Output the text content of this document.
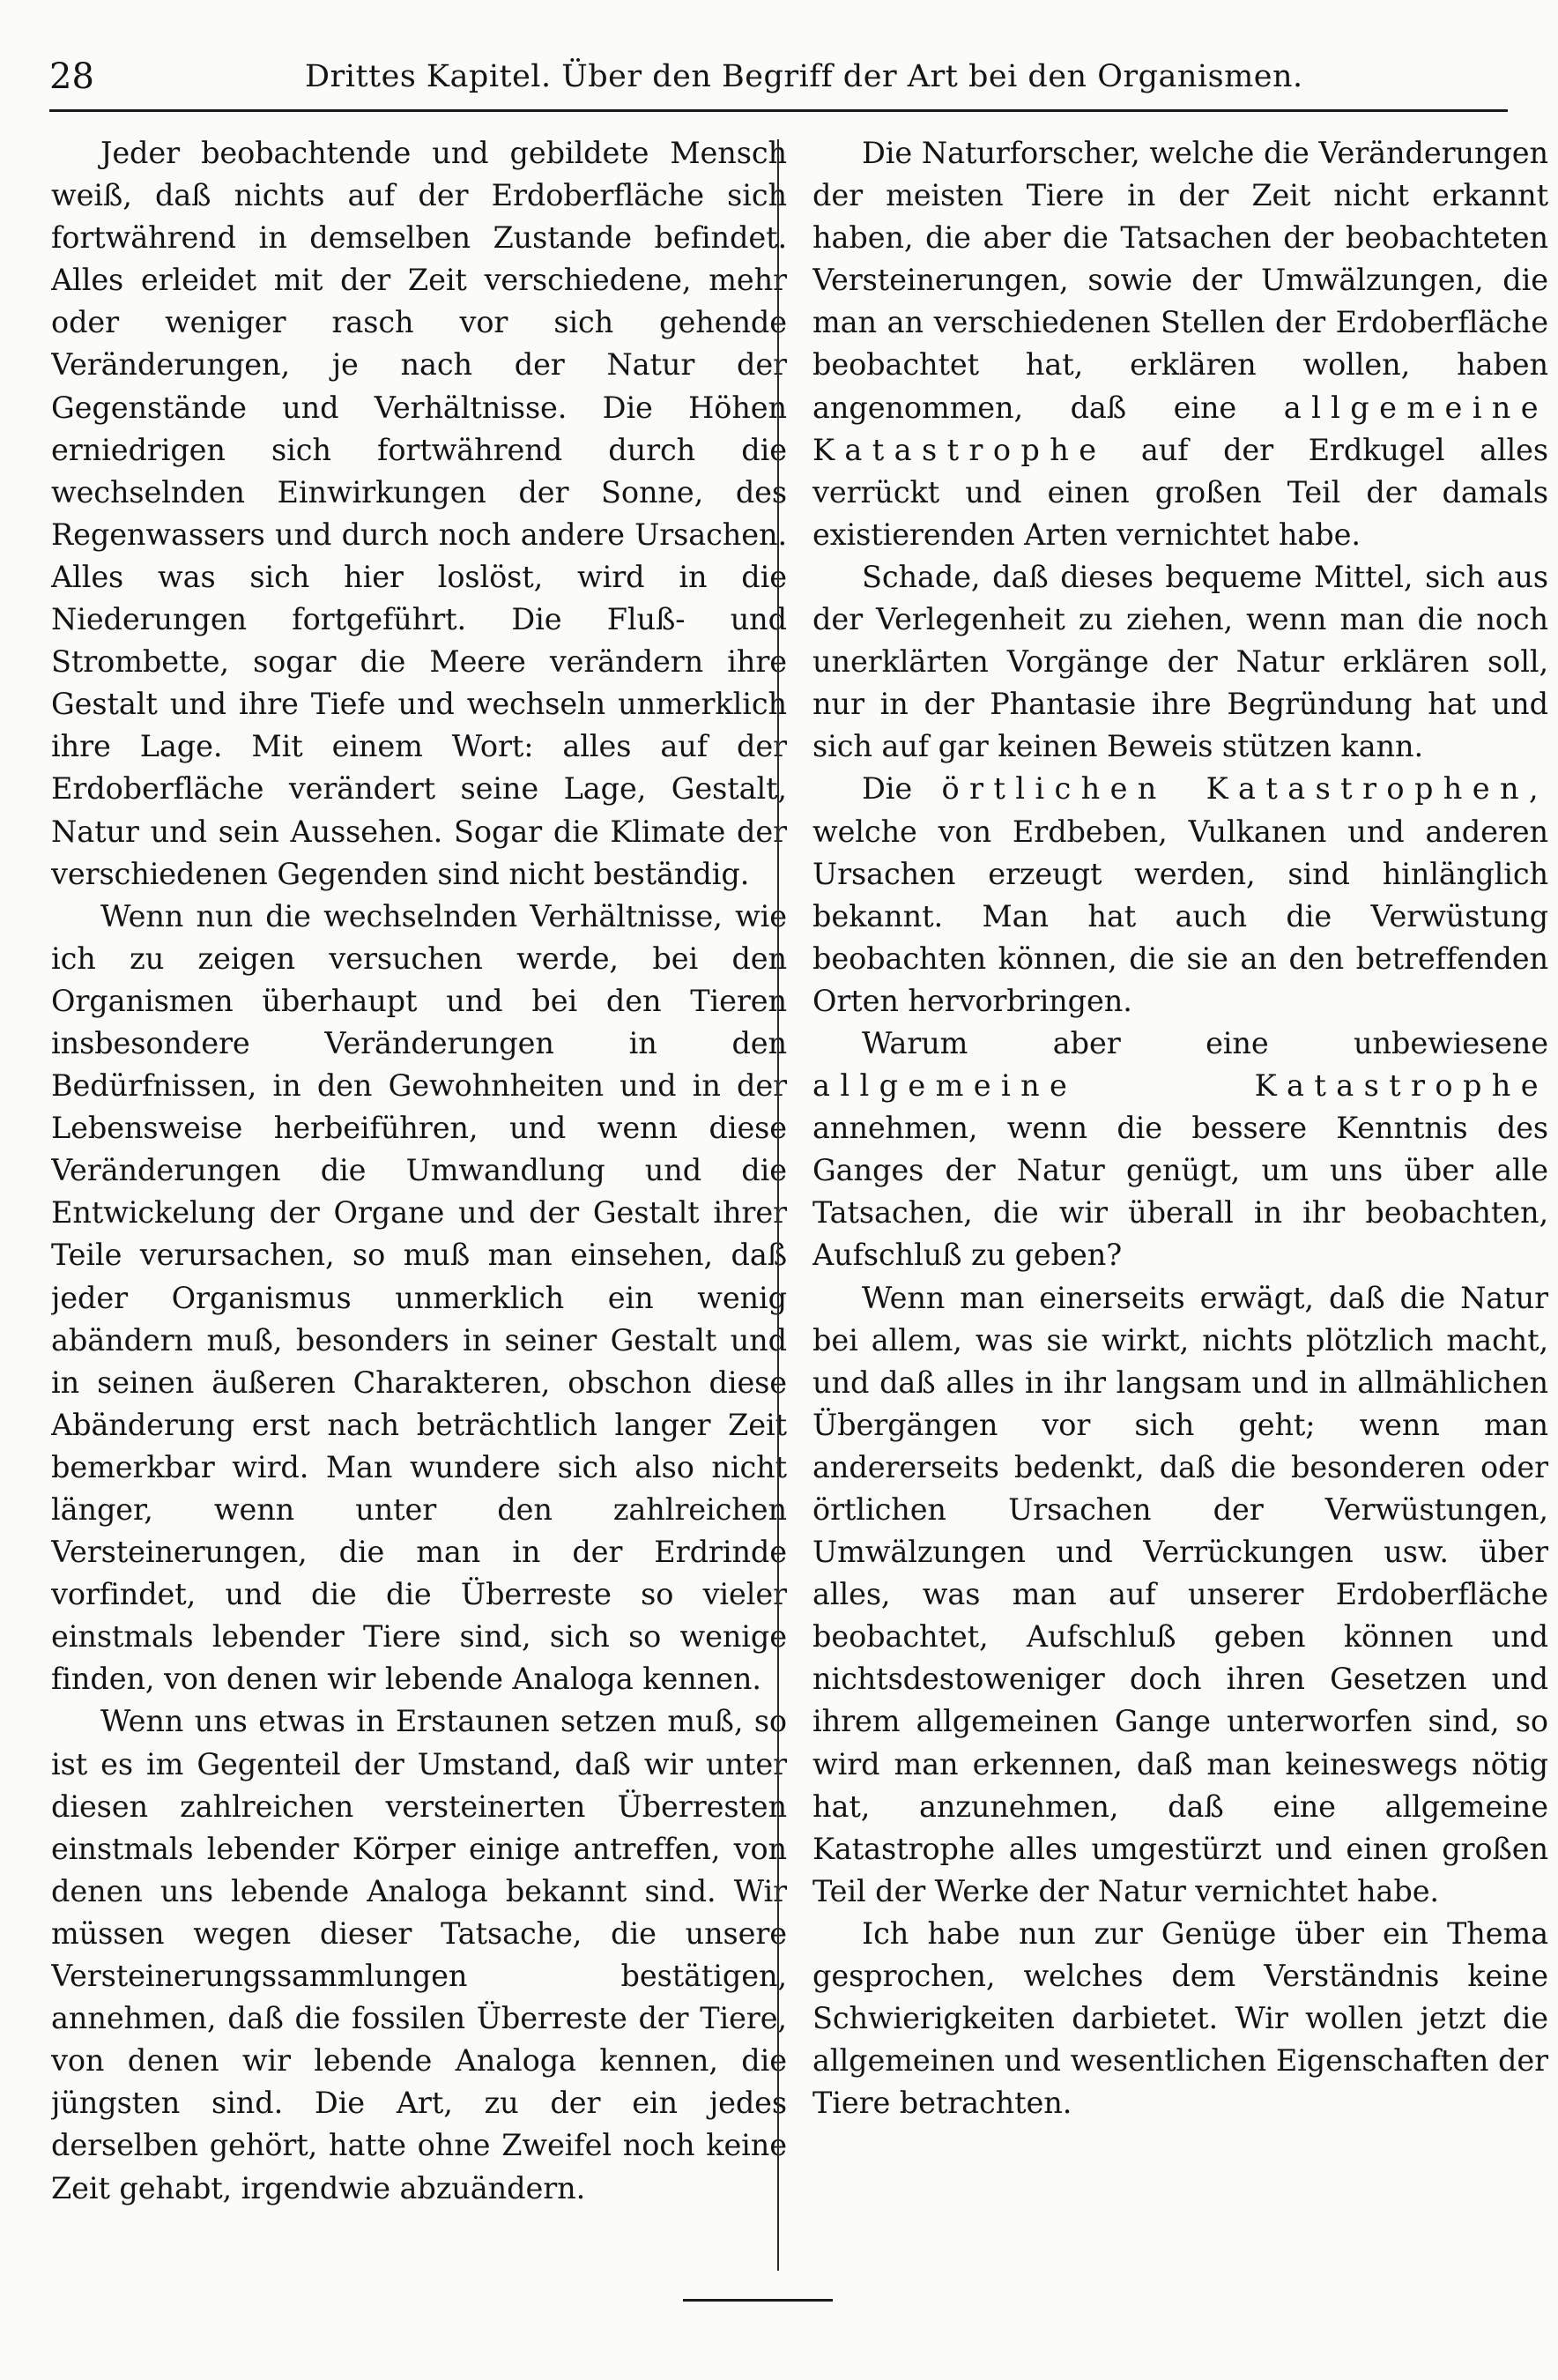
28	Drittes Kapitel. Über den Begriff der Art bei den Organismen.

Jeder beobachtende und gebildete Mensch weiß, daß nichts auf der Erdoberfläche sich fortwährend in demselben Zustande befindet. Alles erleidet mit der Zeit verschiedene, mehr oder weniger rasch vor sich gehende Veränderungen, je nach der Natur der Gegenstände und Verhältnisse. Die Höhen erniedrigen sich fortwährend durch die wechselnden Einwirkungen der Sonne, des Regenwassers und durch noch andere Ursachen. Alles was sich hier loslöst, wird in die Niederungen fortgeführt. Die Fluß- und Strombette, sogar die Meere verändern ihre Gestalt und ihre Tiefe und wechseln unmerklich ihre Lage. Mit einem Wort: alles auf der Erdoberfläche verändert seine Lage, Gestalt, Natur und sein Aussehen. Sogar die Klimate der verschiedenen Gegenden sind nicht beständig.

Wenn nun die wechselnden Verhältnisse, wie ich zu zeigen versuchen werde, bei den Organismen überhaupt und bei den Tieren insbesondere Veränderungen in den Bedürfnissen, in den Gewohnheiten und in der Lebensweise herbeiführen, und wenn diese Veränderungen die Umwandlung und die Entwickelung der Organe und der Gestalt ihrer Teile verursachen, so muß man einsehen, daß jeder Organismus unmerklich ein wenig abändern muß, besonders in seiner Gestalt und in seinen äußeren Charakteren, obschon diese Abänderung erst nach beträchtlich langer Zeit bemerkbar wird. Man wundere sich also nicht länger, wenn unter den zahlreichen Versteinerungen, die man in der Erdrinde vorfindet, und die die Überreste so vieler einstmals lebender Tiere sind, sich so wenige finden, von denen wir lebende Analoga kennen.

Wenn uns etwas in Erstaunen setzen muß, so ist es im Gegenteil der Umstand, daß wir unter diesen zahlreichen versteinerten Überresten einstmals lebender Körper einige antreffen, von denen uns lebende Analoga bekannt sind. Wir müssen wegen dieser Tatsache, die unsere Versteinerungssammlungen bestätigen, annehmen, daß die fossilen Überreste der Tiere, von denen wir lebende Analoga kennen, die jüngsten sind. Die Art, zu der ein jedes derselben gehört, hatte ohne Zweifel noch keine Zeit gehabt, irgendwie abzuändern.

Die Naturforscher, welche die Veränderungen der meisten Tiere in der Zeit nicht erkannt haben, die aber die Tatsachen der beobachteten Versteinerungen, sowie der Umwälzungen, die man an verschiedenen Stellen der Erdoberfläche beobachtet hat, erklären wollen, haben angenommen, daß eine allgemeine Katastrophe auf der Erdkugel alles verrückt und einen großen Teil der damals existierenden Arten vernichtet habe.

Schade, daß dieses bequeme Mittel, sich aus der Verlegenheit zu ziehen, wenn man die noch unerklärten Vorgänge der Natur erklären soll, nur in der Phantasie ihre Begründung hat und sich auf gar keinen Beweis stützen kann.

Die örtlichen Katastrophen, welche von Erdbeben, Vulkanen und anderen Ursachen erzeugt werden, sind hinlänglich bekannt. Man hat auch die Verwüstung beobachten können, die sie an den betreffenden Orten hervorbringen.

Warum aber eine unbewiesene allgemeine Katastrophe annehmen, wenn die bessere Kenntnis des Ganges der Natur genügt, um uns über alle Tatsachen, die wir überall in ihr beobachten, Aufschluß zu geben?

Wenn man einerseits erwägt, daß die Natur bei allem, was sie wirkt, nichts plötzlich macht, und daß alles in ihr langsam und in allmählichen Übergängen vor sich geht; wenn man andererseits bedenkt, daß die besonderen oder örtlichen Ursachen der Verwüstungen, Umwälzungen und Verrückungen usw. über alles, was man auf unserer Erdoberfläche beobachtet, Aufschluß geben können und nichtsdestoweniger doch ihren Gesetzen und ihrem allgemeinen Gange unterworfen sind, so wird man erkennen, daß man keineswegs nötig hat, anzunehmen, daß eine allgemeine Katastrophe alles umgestürzt und einen großen Teil der Werke der Natur vernichtet habe.

Ich habe nun zur Genüge über ein Thema gesprochen, welches dem Verständnis keine Schwierigkeiten darbietet. Wir wollen jetzt die allgemeinen und wesentlichen Eigenschaften der Tiere betrachten.
